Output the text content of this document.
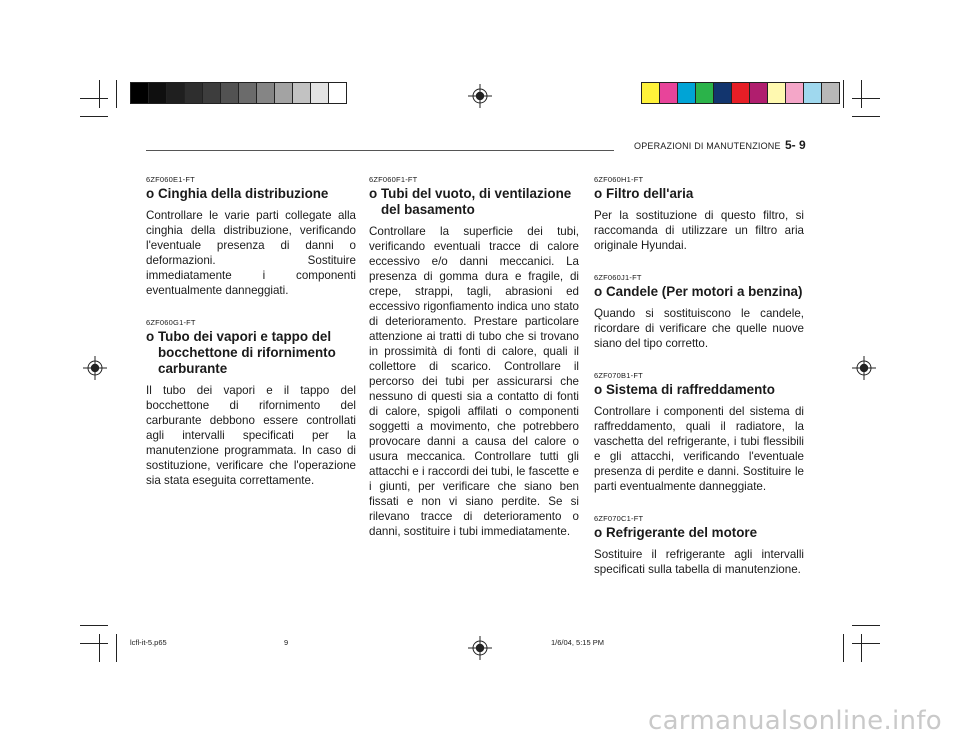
OPERAZIONI DI MANUTENZIONE 5- 9
6ZF060E1-FT
o Cinghia della distribuzione
Controllare le varie parti collegate alla cinghia della distribuzione, verificando l'eventuale presenza di danni o deformazioni. Sostituire immediatamente i componenti eventualmente danneggiati.
6ZF060G1-FT
o Tubo dei vapori e tappo del bocchettone di rifornimento carburante
Il tubo dei vapori e il tappo del bocchettone di rifornimento del carburante debbono essere controllati agli intervalli specificati per la manutenzione programmata. In caso di sostituzione, verificare che l'operazione sia stata eseguita correttamente.
6ZF060F1-FT
o Tubi del vuoto, di ventilazione del basamento
Controllare la superficie dei tubi, verificando eventuali tracce di calore eccessivo e/o danni meccanici. La presenza di gomma dura e fragile, di crepe, strappi, tagli, abrasioni ed eccessivo rigonfiamento indica uno stato di deterioramento. Prestare particolare attenzione ai tratti di tubo che si trovano in prossimità di fonti di calore, quali il collettore di scarico. Controllare il percorso dei tubi per assicurarsi che nessuno di questi sia a contatto di fonti di calore, spigoli affilati o componenti soggetti a movimento, che potrebbero provocare danni a causa del calore o usura meccanica. Controllare tutti gli attacchi e i raccordi dei tubi, le fascette e i giunti, per verificare che siano ben fissati e non vi siano perdite. Se si rilevano tracce di deterioramento o danni, sostituire i tubi immediatamente.
6ZF060H1-FT
o Filtro dell'aria
Per la sostituzione di questo filtro, si raccomanda di utilizzare un filtro aria originale Hyundai.
6ZF060J1-FT
o Candele (Per motori a benzina)
Quando si sostituiscono le candele, ricordare di verificare che quelle nuove siano del tipo corretto.
6ZF070B1-FT
o Sistema di raffreddamento
Controllare i componenti del sistema di raffreddamento, quali il radiatore, la vaschetta del refrigerante, i tubi flessibili e gli attacchi, verificando l'eventuale presenza di perdite e danni. Sostituire le parti eventualmente danneggiate.
6ZF070C1-FT
o Refrigerante del motore
Sostituire il refrigerante agli intervalli specificati sulla tabella di manutenzione.
lcfl-it-5.p65	9	1/6/04, 5:15 PM
carmanualsonline.info
